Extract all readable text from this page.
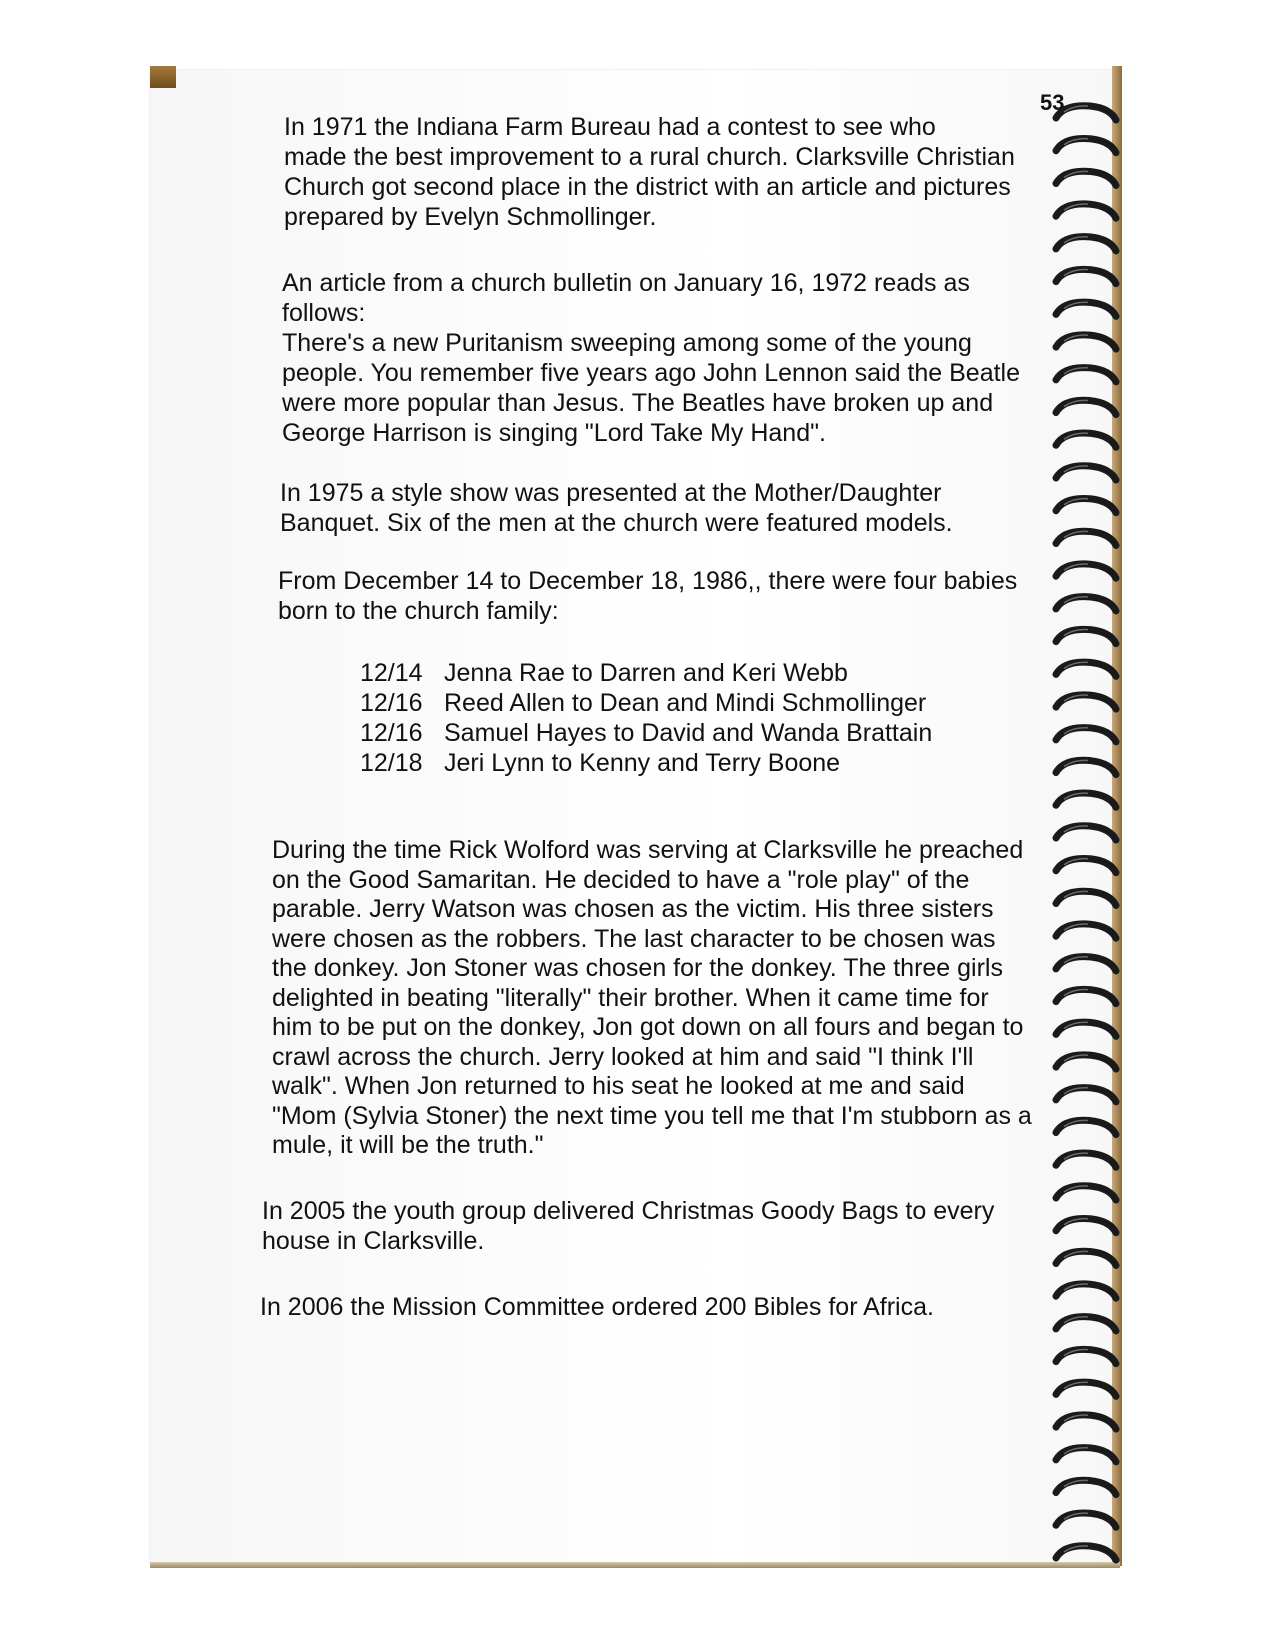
53

In 1971 the Indiana Farm Bureau had a contest to see who
made the best improvement to a rural church. Clarksville Christian
Church got second place in the district with an article and pictures
prepared by Evelyn Schmollinger.

An article from a church bulletin on January 16, 1972 reads as
follows:
There's a new Puritanism sweeping among some of the young
people. You remember five years ago John Lennon said the Beatle
were more popular than Jesus. The Beatles have broken up and
George Harrison is singing "Lord Take My Hand".

In 1975 a style show was presented at the Mother/Daughter
Banquet. Six of the men at the church were featured models.

From December 14 to December 18, 1986,, there were four babies
born to the church family:

12/14 Jenna Rae to Darren and Keri Webb
12/16 Reed Allen to Dean and Mindi Schmollinger
12/16 Samuel Hayes to David and Wanda Brattain
12/18 Jeri Lynn to Kenny and Terry Boone

During the time Rick Wolford was serving at Clarksville he preached
on the Good Samaritan. He decided to have a "role play" of the
parable. Jerry Watson was chosen as the victim. His three sisters
were chosen as the robbers. The last character to be chosen was
the donkey. Jon Stoner was chosen for the donkey. The three girls
delighted in beating "literally" their brother. When it came time for
him to be put on the donkey, Jon got down on all fours and began to
crawl across the church. Jerry looked at him and said "I think I'll
walk". When Jon returned to his seat he looked at me and said
"Mom (Sylvia Stoner) the next time you tell me that I'm stubborn as a
mule, it will be the truth."

In 2005 the youth group delivered Christmas Goody Bags to every
house in Clarksville.

In 2006 the Mission Committee ordered 200 Bibles for Africa.
